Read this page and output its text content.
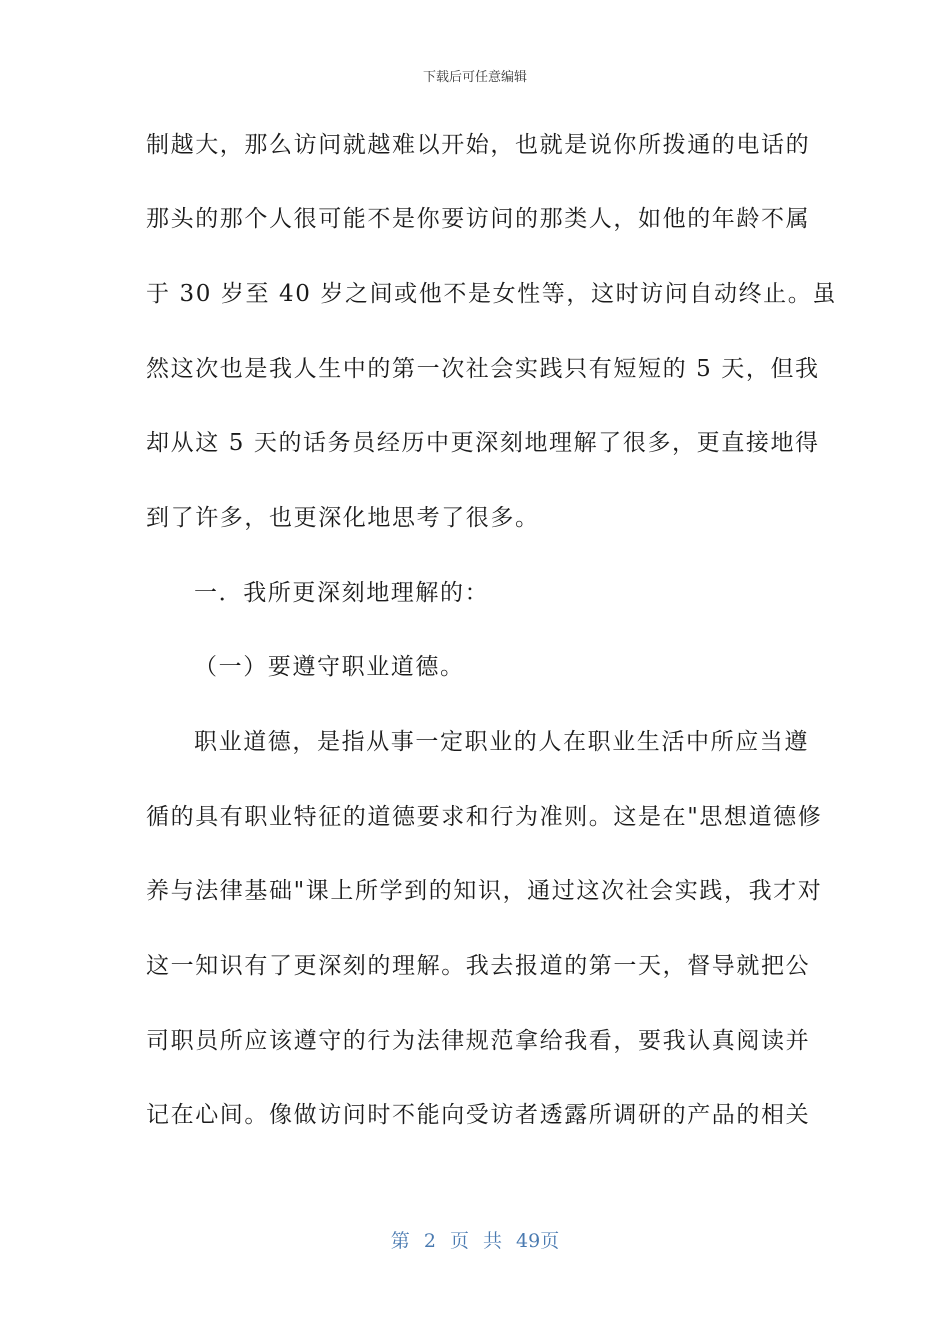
下载后可任意编辑
制越大，那么访问就越难以开始，也就是说你所拨通的电话的
那头的那个人很可能不是你要访问的那类人，如他的年龄不属
于 30 岁至 40 岁之间或他不是女性等，这时访问自动终止。虽
然这次也是我人生中的第一次社会实践只有短短的 5 天，但我
却从这 5 天的话务员经历中更深刻地理解了很多，更直接地得
到了许多，也更深化地思考了很多。
一．我所更深刻地理解的：
（一）要遵守职业道德。
职业道德，是指从事一定职业的人在职业生活中所应当遵
循的具有职业特征的道德要求和行为准则。这是在"思想道德修
养与法律基础"课上所学到的知识，通过这次社会实践，我才对
这一知识有了更深刻的理解。我去报道的第一天，督导就把公
司职员所应该遵守的行为法律规范拿给我看，要我认真阅读并
记在心间。像做访问时不能向受访者透露所调研的产品的相关
第 2 页 共 49页
